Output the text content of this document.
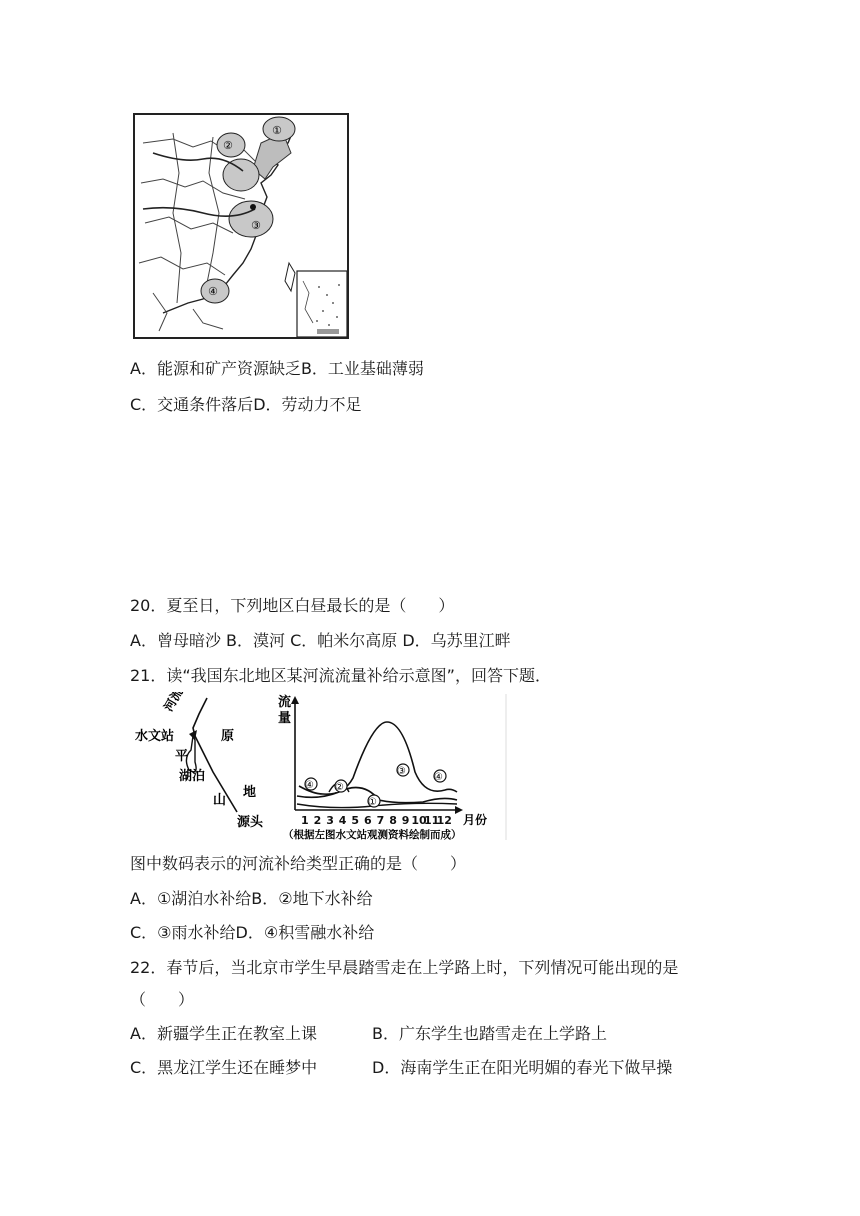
①
②
③
④
A．能源和矿产资源缺乏B．工业基础薄弱
C．交通条件落后D．劳动力不足
20．夏至日，下列地区白昼最长的是（　　）
A．曾母暗沙 B．漠河 C．帕米尔高原 D．乌苏里江畔
21．读“我国东北地区某河流流量补给示意图”，回答下题．
河流
水文站
平
原
湖泊
山
地
源头
流
量
④ ②
①
③
④
1 2 3 4 5 6 7 8 9 10
11
12 月份
（根据左图水文站观测资料绘制而成）
图中数码表示的河流补给类型正确的是（　　）
A．①湖泊水补给B．②地下水补给
C．③雨水补给D．④积雪融水补给
22．春节后，当北京市学生早晨踏雪走在上学路上时，下列情况可能出现的是
（　　）
A．新疆学生正在教室上课	B．广东学生也踏雪走在上学路上
C．黑龙江学生还在睡梦中	D．海南学生正在阳光明媚的春光下做早操
